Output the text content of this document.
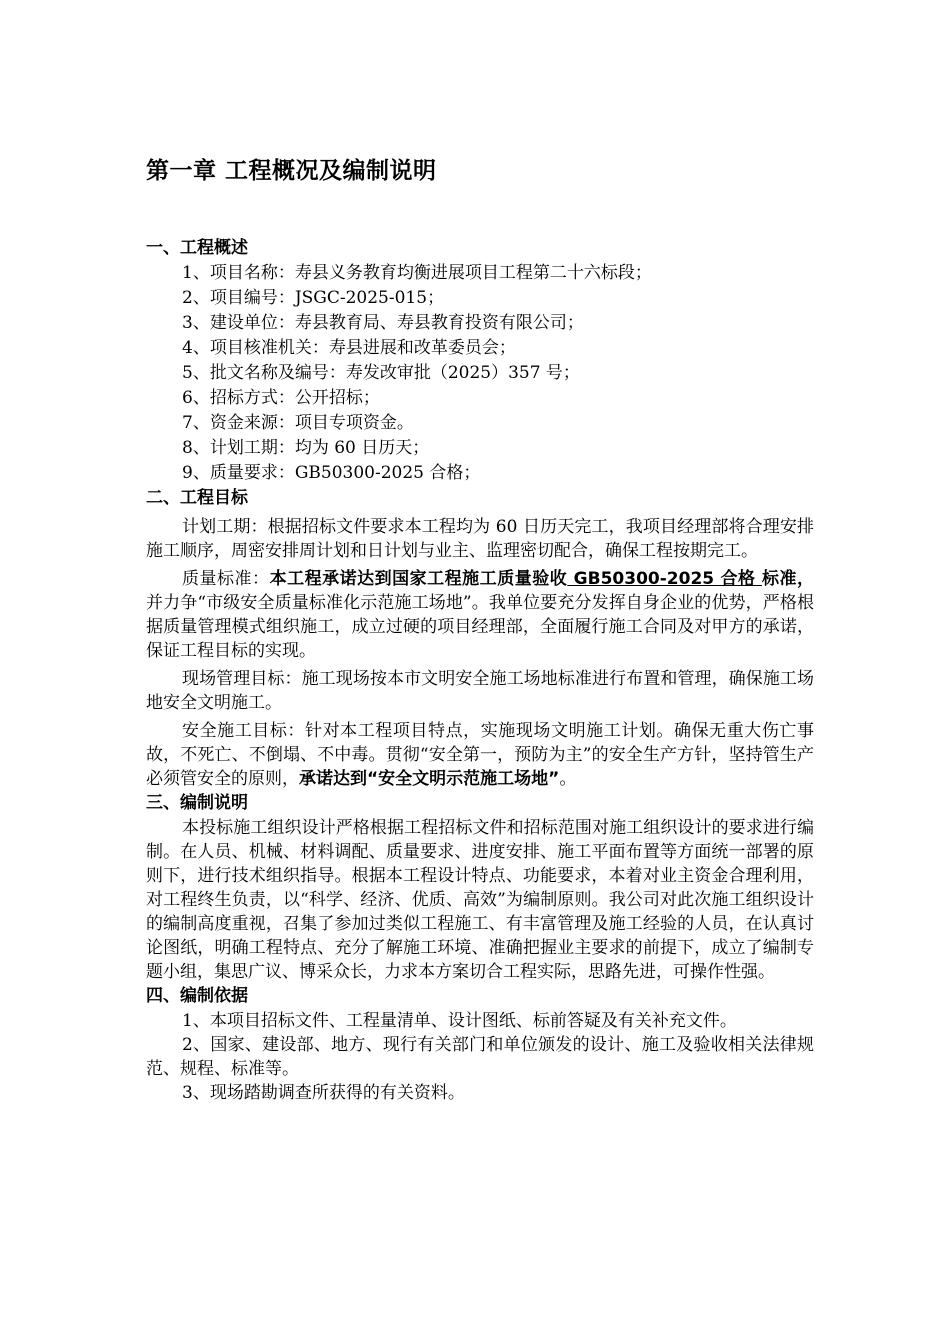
第一章 工程概况及编制说明
一、工程概述

1、项目名称：寿县义务教育均衡进展项目工程第二十六标段；

2、项目编号：JSGC-2025-015；

3、建设单位：寿县教育局、寿县教育投资有限公司；

4、项目核准机关：寿县进展和改革委员会；

5、批文名称及编号：寿发改审批（2025）357 号；

6、招标方式：公开招标；

7、资金来源：项目专项资金。

8、计划工期：均为 60 日历天；

9、质量要求：GB50300-2025 合格；

二、工程目标

计划工期：根据招标文件要求本工程均为 60 日历天完工，我项目经理部将合理安排施工顺序，周密安排周计划和日计划与业主、监理密切配合，确保工程按期完工。

质量标准：本工程承诺达到国家工程施工质量验收 GB50300-2025 合格 标准，并力争“市级安全质量标准化示范施工场地”。我单位要充分发挥自身企业的优势，严格根据质量管理模式组织施工，成立过硬的项目经理部，全面履行施工合同及对甲方的承诺，保证工程目标的实现。

现场管理目标：施工现场按本市文明安全施工场地标准进行布置和管理，确保施工场地安全文明施工。

安全施工目标：针对本工程项目特点，实施现场文明施工计划。确保无重大伤亡事故，不死亡、不倒塌、不中毒。贯彻“安全第一，预防为主”的安全生产方针，坚持管生产必须管安全的原则，承诺达到“安全文明示范施工场地”。

三、编制说明

本投标施工组织设计严格根据工程招标文件和招标范围对施工组织设计的要求进行编制。在人员、机械、材料调配、质量要求、进度安排、施工平面布置等方面统一部署的原则下，进行技术组织指导。根据本工程设计特点、功能要求，本着对业主资金合理利用，对工程终生负责，以“科学、经济、优质、高效”为编制原则。我公司对此次施工组织设计的编制高度重视，召集了参加过类似工程施工、有丰富管理及施工经验的人员，在认真讨论图纸，明确工程特点、充分了解施工环境、准确把握业主要求的前提下，成立了编制专题小组，集思广议、博采众长，力求本方案切合工程实际，思路先进，可操作性强。

四、编制依据

1、本项目招标文件、工程量清单、设计图纸、标前答疑及有关补充文件。

2、国家、建设部、地方、现行有关部门和单位颁发的设计、施工及验收相关法律规范、规程、标准等。

3、现场踏勘调查所获得的有关资料。
